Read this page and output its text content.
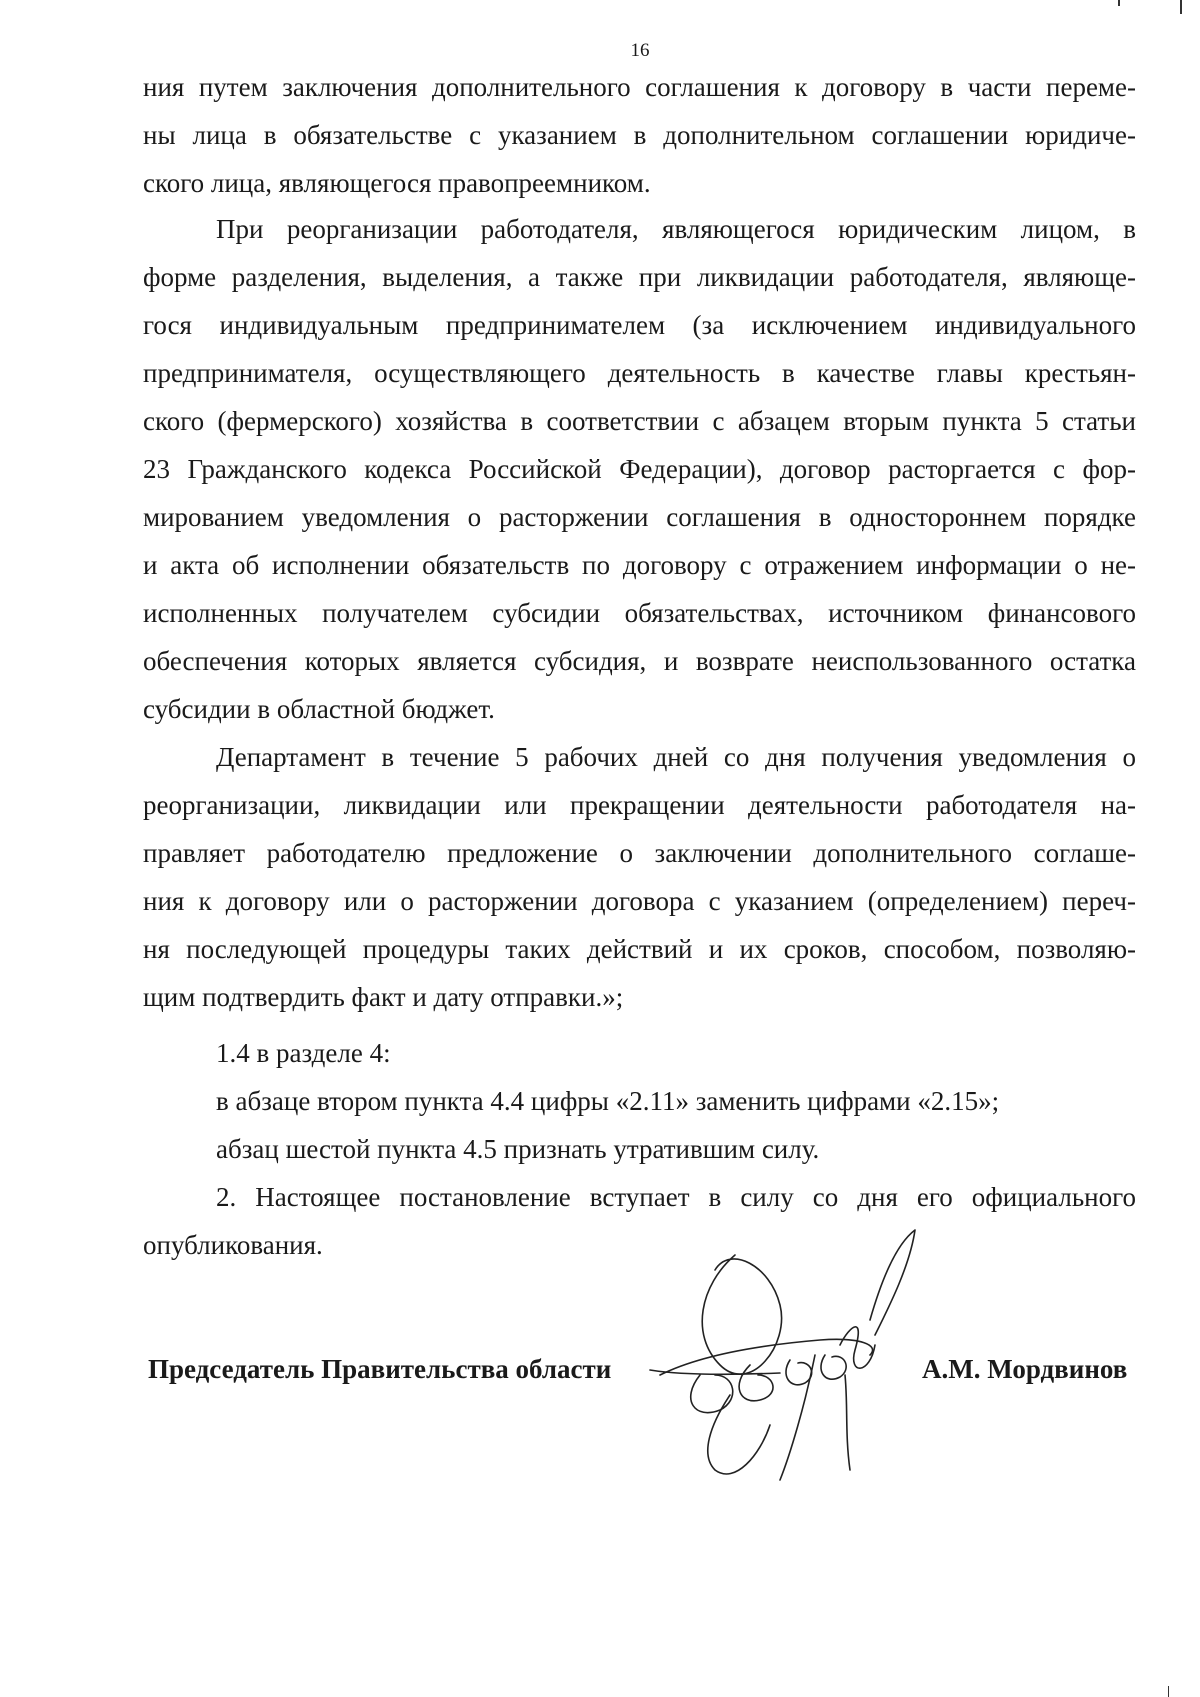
16
ния путем заключения дополнительного соглашения к договору в части переме-
ны лица в обязательстве с указанием в дополнительном соглашении юридиче-
ского лица, являющегося правопреемником.
При реорганизации работодателя, являющегося юридическим лицом, в
форме разделения, выделения, а также при ликвидации работодателя, являюще-
гося индивидуальным предпринимателем (за исключением индивидуального
предпринимателя, осуществляющего деятельность в качестве главы крестьян-
ского (фермерского) хозяйства в соответствии с абзацем вторым пункта 5 статьи
23 Гражданского кодекса Российской Федерации), договор расторгается с фор-
мированием уведомления о расторжении соглашения в одностороннем порядке
и акта об исполнении обязательств по договору с отражением информации о не-
исполненных получателем субсидии обязательствах, источником финансового
обеспечения которых является субсидия, и возврате неиспользованного остатка
субсидии в областной бюджет.
Департамент в течение 5 рабочих дней со дня получения уведомления о
реорганизации, ликвидации или прекращении деятельности работодателя на-
правляет работодателю предложение о заключении дополнительного соглаше-
ния к договору или о расторжении договора с указанием (определением) переч-
ня последующей процедуры таких действий и их сроков, способом, позволяю-
щим подтвердить факт и дату отправки.»;
1.4 в разделе 4:
в абзаце втором пункта 4.4 цифры «2.11» заменить цифрами «2.15»;
абзац шестой пункта 4.5 признать утратившим силу.
2. Настоящее постановление вступает в силу со дня его официального
опубликования.
Председатель Правительства области	А.М. Мордвинов
